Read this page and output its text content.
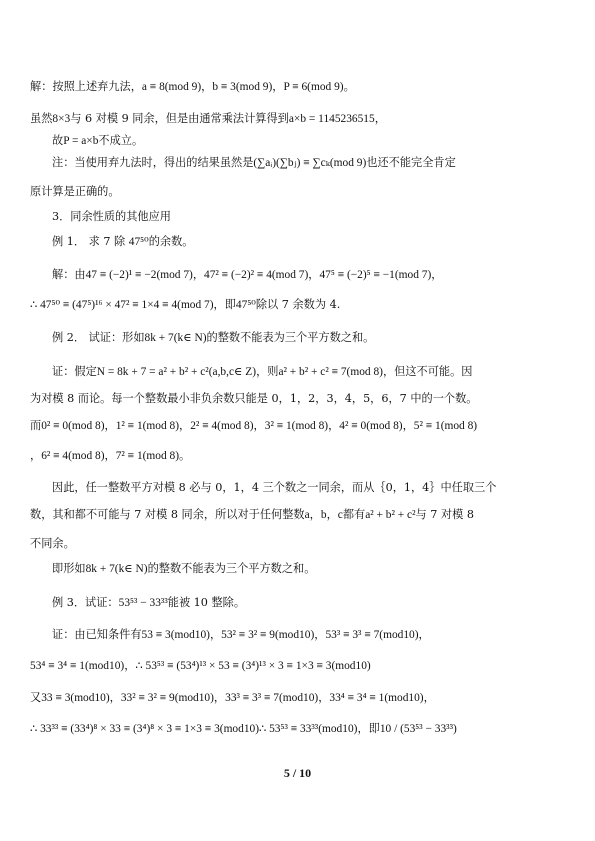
解：按照上述弃九法，a ≡ 8(mod 9)，b ≡ 3(mod 9)，P ≡ 6(mod 9)。
虽然8×3与 6 对模 9 同余，但是由通常乘法计算得到a×b = 1145236515，
故P = a×b不成立。
注：当使用弃九法时，得出的结果虽然是(∑aᵢ)(∑bⱼ) ≡ ∑cₖ(mod 9)也还不能完全肯定
原计算是正确的。
3．同余性质的其他应用
例 1． 求 7 除 47⁵⁰的余数。
解：由47 ≡ (−2)¹ ≡ −2(mod 7)，47² ≡ (−2)² ≡ 4(mod 7)，47⁵ ≡ (−2)⁵ ≡ −1(mod 7)，
∴ 47⁵⁰ ≡ (47⁵)¹⁶ × 47² ≡ 1×4 ≡ 4(mod 7)，即47⁵⁰除以 7 余数为 4.
例 2． 试证：形如8k + 7(k∈ N)的整数不能表为三个平方数之和。
证：假定N = 8k + 7 = a² + b² + c²(a,b,c∈ Z)，则a² + b² + c² ≡ 7(mod 8)，但这不可能。因
为对模 8 而论。每一个整数最小非负余数只能是 0，1，2，3，4，5，6，7 中的一个数。
而0² ≡ 0(mod 8)，1² ≡ 1(mod 8)，2² ≡ 4(mod 8)，3² ≡ 1(mod 8)，4² ≡ 0(mod 8)，5² ≡ 1(mod 8)
，6² ≡ 4(mod 8)，7² ≡ 1(mod 8)。
因此，任一整数平方对模 8 必与 0，1，4 三个数之一同余，而从｛0，1，4｝中任取三个
数，其和都不可能与 7 对模 8 同余，所以对于任何整数a，b，c都有a² + b² + c²与 7 对模 8
不同余。
即形如8k + 7(k∈ N)的整数不能表为三个平方数之和。
例 3．试证：53⁵³ − 33³³能被 10 整除。
证：由已知条件有53 ≡ 3(mod10)，53² ≡ 3² ≡ 9(mod10)，53³ ≡ 3³ ≡ 7(mod10)，
53⁴ ≡ 3⁴ ≡ 1(mod10)，∴ 53⁵³ ≡ (53⁴)¹³ × 53 ≡ (3⁴)¹³ × 3 ≡ 1×3 ≡ 3(mod10)
又33 ≡ 3(mod10)，33² ≡ 3² ≡ 9(mod10)，33³ ≡ 3³ ≡ 7(mod10)，33⁴ ≡ 3⁴ ≡ 1(mod10)，
∴ 33³³ ≡ (33⁴)⁸ × 33 ≡ (3⁴)⁸ × 3 ≡ 1×3 ≡ 3(mod10)∴ 53⁵³ ≡ 33³³(mod10)，即10 / (53⁵³ − 33³³)
5 / 10
